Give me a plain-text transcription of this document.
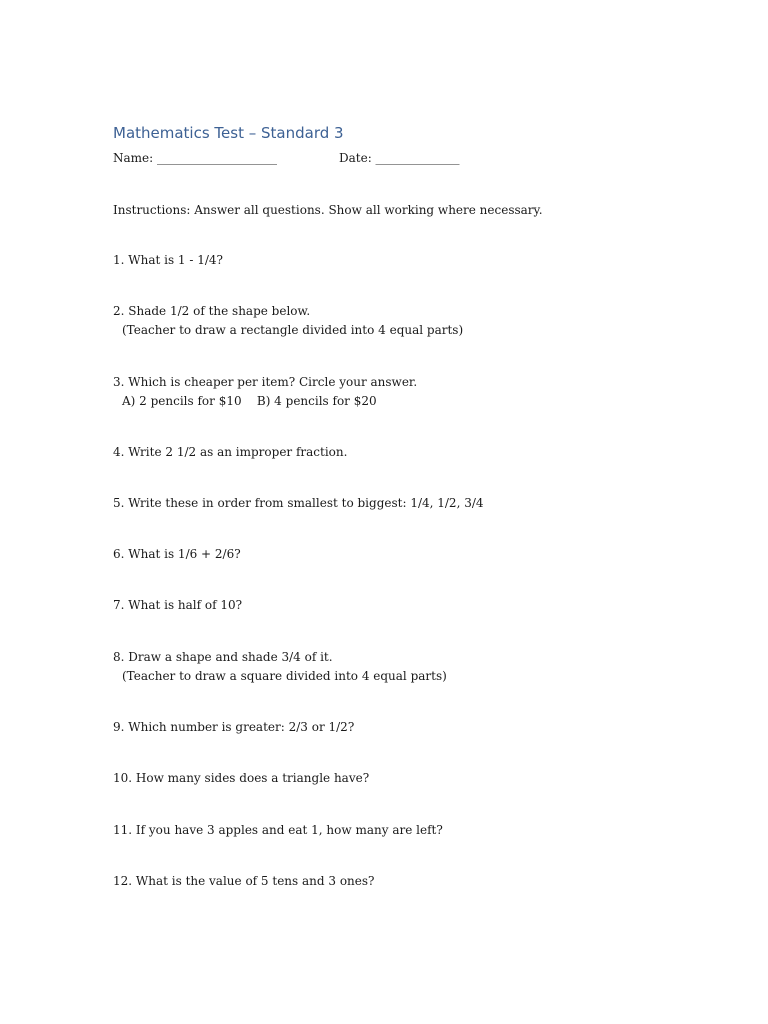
Mathematics Test – Standard 3
Name: ____________________	Date: ______________
Instructions: Answer all questions. Show all working where necessary.
1. What is 1 - 1/4?
2. Shade 1/2 of the shape below.
(Teacher to draw a rectangle divided into 4 equal parts)
3. Which is cheaper per item? Circle your answer.
A) 2 pencils for $10    B) 4 pencils for $20
4. Write 2 1/2 as an improper fraction.
5. Write these in order from smallest to biggest: 1/4, 1/2, 3/4
6. What is 1/6 + 2/6?
7. What is half of 10?
8. Draw a shape and shade 3/4 of it.
(Teacher to draw a square divided into 4 equal parts)
9. Which number is greater: 2/3 or 1/2?
10. How many sides does a triangle have?
11. If you have 3 apples and eat 1, how many are left?
12. What is the value of 5 tens and 3 ones?
